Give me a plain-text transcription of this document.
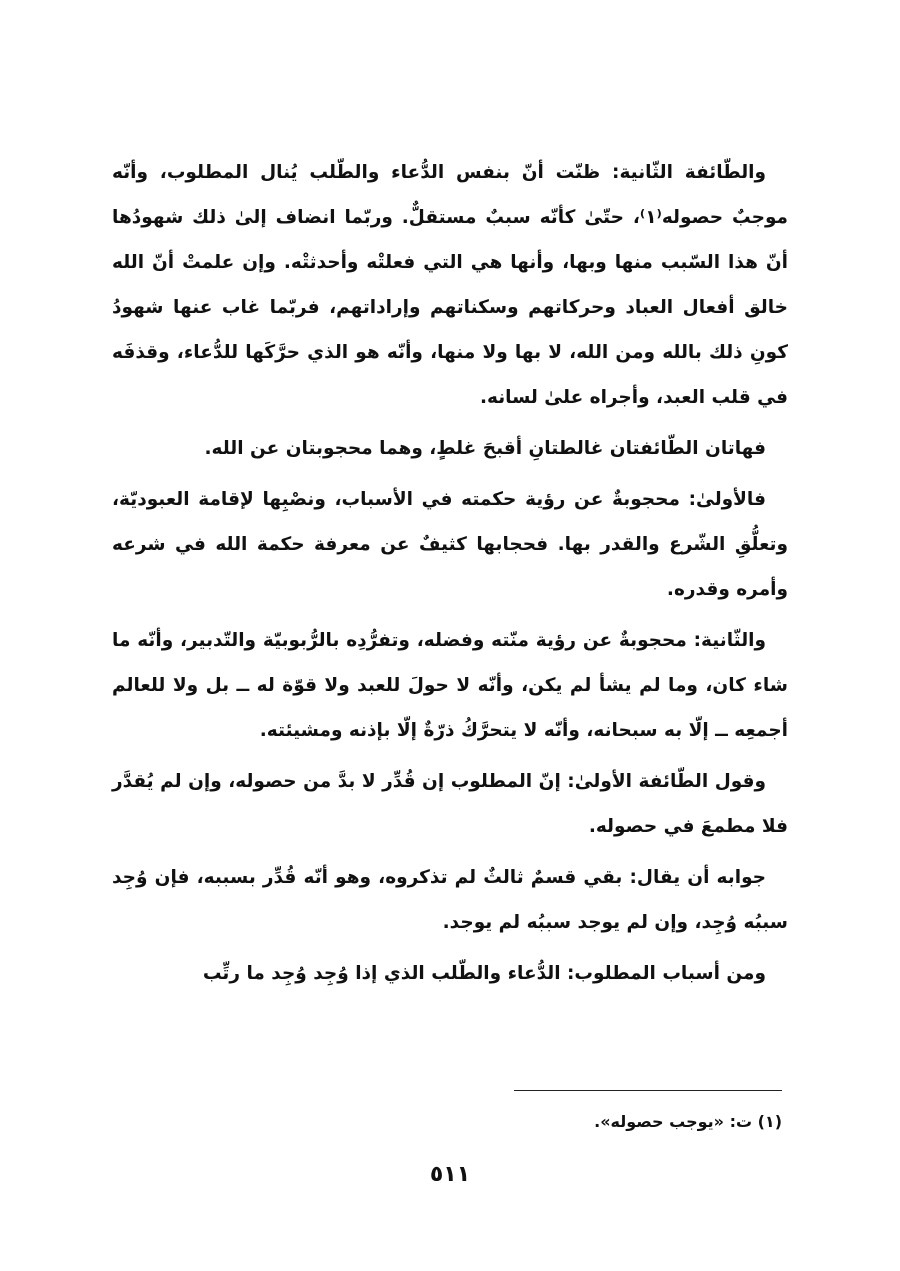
والطّائفة الثّانية: ظنّت أنّ بنفس الدُّعاء والطّلب يُنال المطلوب، وأنّه موجبٌ حصوله⁽١⁾، حتّىٰ كأنّه سببٌ مستقلٌّ. وربّما انضاف إلىٰ ذلك شهودُها أنّ هذا السّبب منها وبها، وأنها هي التي فعلتْه وأحدثتْه. وإن علمتْ أنّ الله خالق أفعال العباد وحركاتهم وسكناتهم وإراداتهم، فربّما غاب عنها شهودُ كونِ ذلك بالله ومن الله، لا بها ولا منها، وأنّه هو الذي حرَّكَها للدُّعاء، وقذفَه في قلب العبد، وأجراه علىٰ لسانه.

فهاتان الطّائفتان غالطتانِ أقبحَ غلطٍ، وهما محجوبتان عن الله.

فالأولىٰ: محجوبةٌ عن رؤية حكمته في الأسباب، ونصْبِها لإقامة العبوديّة، وتعلُّقِ الشّرع والقدر بها. فحجابها كثيفٌ عن معرفة حكمة الله في شرعه وأمره وقدره.

والثّانية: محجوبةٌ عن رؤية منّته وفضله، وتفرُّدِه بالرُّبوبيّة والتّدبير، وأنّه ما شاء كان، وما لم يشأ لم يكن، وأنّه لا حولَ للعبد ولا قوّة له ــ بل ولا للعالم أجمعِه ــ إلّا به سبحانه، وأنّه لا يتحرَّكُ ذرّةٌ إلّا بإذنه ومشيئته.

وقول الطّائفة الأولىٰ: إنّ المطلوب إن قُدِّر لا بدَّ من حصوله، وإن لم يُقدَّر فلا مطمعَ في حصوله.

جوابه أن يقال: بقي قسمٌ ثالثٌ لم تذكروه، وهو أنّه قُدِّر بسببه، فإن وُجِد سببُه وُجِد، وإن لم يوجد سببُه لم يوجد.

ومن أسباب المطلوب: الدُّعاء والطّلب الذي إذا وُجِد وُجِد ما رتِّب

(١) ت: «يوجب حصوله».

٥١١
